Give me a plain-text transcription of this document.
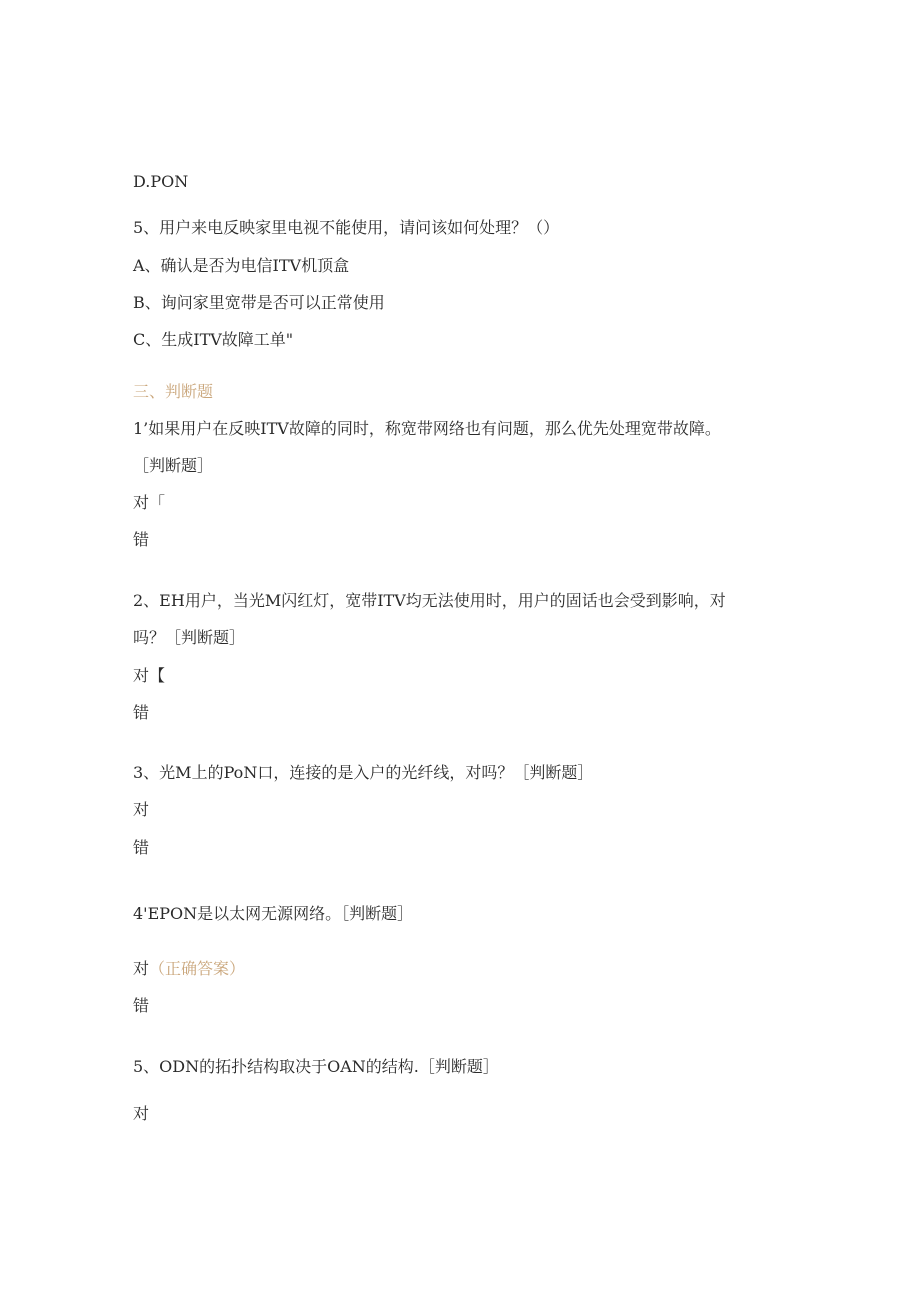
D.PON
5、用户来电反映家里电视不能使用，请问该如何处理？（）
A、确认是否为电信ITV机顶盒
B、询问家里宽带是否可以正常使用
C、生成ITV故障工单"
三、判断题
1’如果用户在反映ITV故障的同时，称宽带网络也有问题，那么优先处理宽带故障。
［判断题］
对「
错
2、EH用户，当光M闪红灯，宽带ITV均无法使用时，用户的固话也会受到影响，对
吗？［判断题］
对【
错
3、光M上的PoN口，连接的是入户的光纤线，对吗？［判断题］
对
错
4'EPON是以太网无源网络。［判断题］
对（正确答案）
错
5、ODN的拓扑结构取决于OAN的结构.［判断题］
对
